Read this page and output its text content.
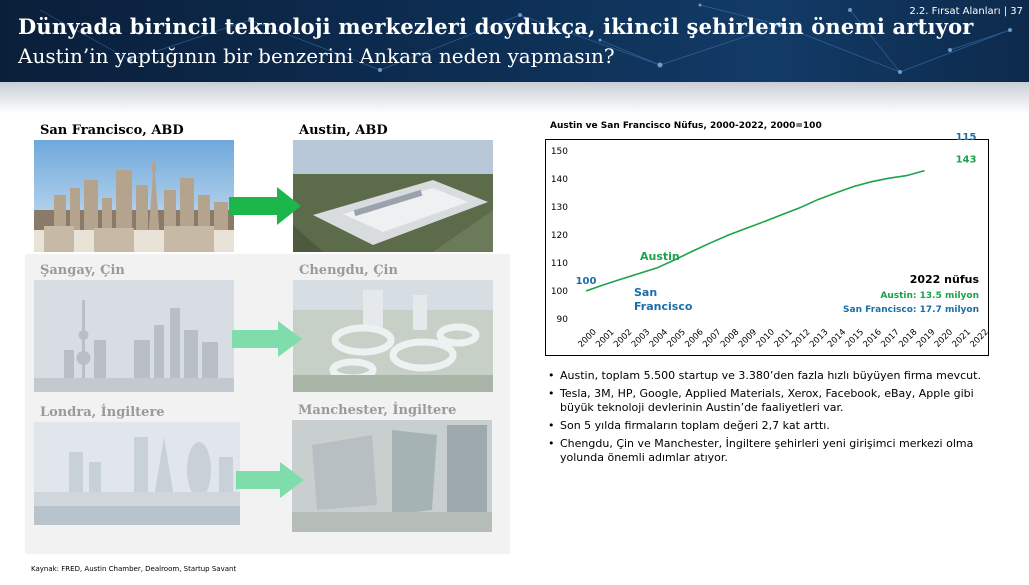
Dünyada birincil teknoloji merkezleri doydukça, ikincil şehirlerin önemi artıyor
Austin’in yaptığının bir benzerini Ankara neden yapmasın?
2.2. Fırsat Alanları | 37
San Francisco, ABD	Austin, ABD
Şangay, Çin	Chengdu, Çin
Londra, İngiltere	Manchester, İngiltere
Austin ve San Francisco Nüfus, 2000-2022, 2000=100
90
100
110
120
130
140
150
2000
2001
2002
2003
2004
2005
2006
2007
2008
2009
2010
2011
2012
2013
2014
2015
2016
2017
2018
2019
2020
2021
2022
143
115
100
Austin
San
Francisco
2022 nüfus
Austin: 13.5 milyon
San Francisco: 17.7 milyon
• Austin, toplam 5.500 startup ve 3.380’den fazla hızlı büyüyen firma mevcut.
• Tesla, 3M, HP, Google, Applied Materials, Xerox, Facebook, eBay, Apple gibi büyük teknoloji devlerinin Austin’de faaliyetleri var.
• Son 5 yılda firmaların toplam değeri 2,7 kat arttı.
• Chengdu, Çin ve Manchester, İngiltere şehirleri yeni girişimci merkezi olma yolunda önemli adımlar atıyor.
Kaynak: FRED, Austin Chamber, Dealroom, Startup Savant
